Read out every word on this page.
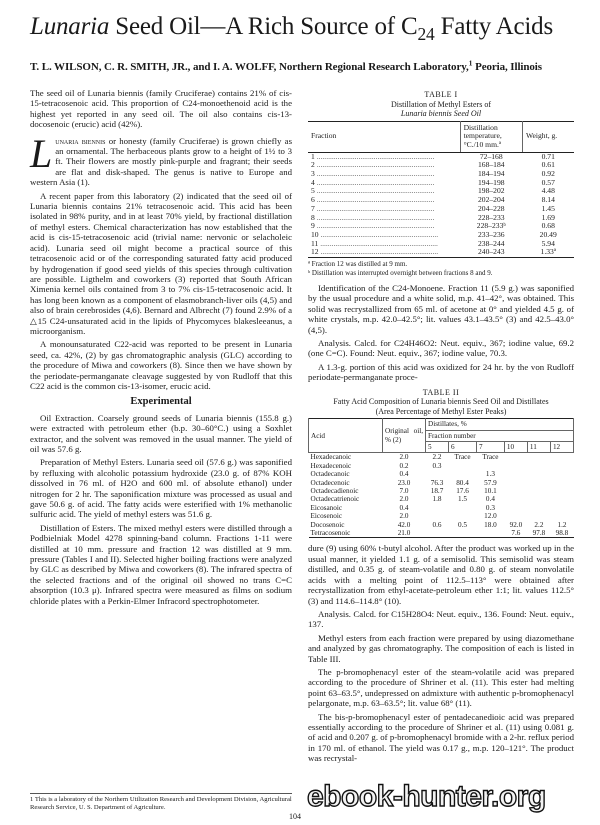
Lunaria Seed Oil—A Rich Source of $C_{24}$ Fatty Acids
T. L. WILSON, C. R. SMITH, JR., and I. A. WOLFF, Northern Regional Research Laboratory,$^1$ Peoria, Illinois

The seed oil of Lunaria biennis (family Cruciferae) contains 21% of cis-15-tetracosenoic acid. This proportion of C24-monoethenoid acid is the highest yet reported in any seed oil. The oil also contains cis-13-docosenoic (erucic) acid (42%).

Lunaria biennis or honesty (family Cruciferae) is grown chiefly as an ornamental. The herbaceous plants grow to a height of 1½ to 3 ft. Their flowers are mostly pink-purple and fragrant; their seeds are flat and disk-shaped. The genus is native to Europe and western Asia (1).

A recent paper from this laboratory (2) indicated that the seed oil of Lunaria biennis contains 21% tetracosenoic acid. This acid has been isolated in 98% purity, and in at least 70% yield, by fractional distillation of methyl esters. Chemical characterization has now established that the acid is cis-15-tetracosenoic acid (trivial name: nervonic or selacholeic acid). Lunaria seed oil might become a practical source of this tetracosenoic acid or of the corresponding saturated fatty acid produced by hydrogenation if good seed yields of this species through cultivation are possible. Ligthelm and coworkers (3) reported that South African Ximenia kernel oils contained from 3 to 7% cis-15-tetracosenoic acid. It has long been known as a component of elasmobranch-liver oils (4,5) and also of brain cerebrosides (4,6). Bernard and Albrecht (7) found 2.9% of a △15 C24-unsaturated acid in the lipids of Phycomyces blakesleeanus, a microorganism.

A monounsaturated C22-acid was reported to be present in Lunaria seed, ca. 42%, (2) by gas chromatographic analysis (GLC) according to the procedure of Miwa and coworkers (8). Since then we have shown by the periodate-permanganate cleavage suggested by von Rudloff that this C22 acid is the common cis-13-isomer, erucic acid.

Experimental

Oil Extraction. Coarsely ground seeds of Lunaria biennis (155.8 g.) were extracted with petroleum ether (b.p. 30–60°C.) using a Soxhlet extractor, and the solvent was removed in the usual manner. The yield of oil was 57.6 g.

Preparation of Methyl Esters. Lunaria seed oil (57.6 g.) was saponified by refluxing with alcoholic potassium hydroxide (23.0 g. of 87% KOH dissolved in 76 ml. of H2O and 600 ml. of absolute ethanol) under nitrogen for 2 hr. The saponification mixture was processed as usual and gave 50.6 g. of acid. The fatty acids were esterified with 1% methanolic sulfuric acid. The yield of methyl esters was 51.6 g.

Distillation of Esters. The mixed methyl esters were distilled through a Podbielniak Model 4278 spinning-band column. Fractions 1-11 were distilled at 10 mm. pressure and fraction 12 was distilled at 9 mm. pressure (Tables I and II). Selected higher boiling fractions were analyzed by GLC as described by Miwa and coworkers (8). The infrared spectra of the selected fractions and of the original oil showed no trans C=C absorption (10.3 μ). Infrared spectra were measured as films on sodium chloride plates with a Perkin-Elmer Infracord spectrophotometer.

TABLE I
Distillation of Methyl Esters of
Lunaria biennis Seed Oil
Fraction	Distillation temperature, °C./10 mm.ª	Weight, g.
1 .....	72–168	0.71
2 .....	168–184	0.61
3 .....	184–194	0.92
4 .....	194–198	0.57
5 .....	198–202	4.48
6 .....	202–204	8.14
7 .....	204–228	1.45
8 .....	228–233	1.69
9 .....	228–233ᵇ	0.68
10 .....	233–236	20.49
11 .....	238–244	5.94
12 .....	240–243	1.33ª
ª Fraction 12 was distilled at 9 mm.
ᵇ Distillation was interrupted overnight between fractions 8 and 9.

Identification of the C24-Monoene. Fraction 11 (5.9 g.) was saponified by the usual procedure and a white solid, m.p. 41–42°, was obtained. This solid was recrystallized from 65 ml. of acetone at 0° and yielded 4.5 g. of white crystals, m.p. 42.0–42.5°; lit. values 43.1–43.5° (3) and 42.5–43.0° (4,5).

Analysis. Calcd. for C24H46O2: Neut. equiv., 367; iodine value, 69.2 (one C=C). Found: Neut. equiv., 367; iodine value, 70.3.

A 1.3-g. portion of this acid was oxidized for 24 hr. by the von Rudloff periodate-permanganate proce-

TABLE II
Fatty Acid Composition of Lunaria biennis Seed Oil and Distillates
(Area Percentage of Methyl Ester Peaks)
Acid	Original oil, % (2)	Distillates, %					
		Fraction number					
		5	6	7	10	11	12
Hexadecanoic	2.0	2.2	Trace	Trace			
Hexadecenoic	0.2	0.3					
Octadecanoic	0.4			1.3			
Octadecenoic	23.0	76.3	80.4	57.9			
Octadecadienoic	7.0	18.7	17.6	10.1			
Octadecatrienoic	2.0	1.8	1.5	0.4			
Eicosanoic	0.4			0.3			
Eicosenoic	2.0			12.0			
Docosenoic	42.0	0.6	0.5	18.0	92.0	2.2	1.2
Tetracosenoic	21.0				7.6	97.8	98.8

dure (9) using 60% t-butyl alcohol. After the product was worked up in the usual manner, it yielded 1.1 g. of a semisolid. This semisolid was steam distilled, and 0.35 g. of steam-volatile and 0.80 g. of steam nonvolatile acids with a melting point of 112.5–113° were obtained after recrystallization from ethyl-acetate-petroleum ether 1:1; lit. values 112.5° (3) and 114.6–114.8° (10).

Analysis. Calcd. for C15H28O4: Neut. equiv., 136. Found: Neut. equiv., 137.

Methyl esters from each fraction were prepared by using diazomethane and analyzed by gas chromatography. The composition of each is listed in Table III.

The p-bromophenacyl ester of the steam-volatile acid was prepared according to the procedure of Shriner et al. (11). This ester had melting point 63–63.5°, undepressed on admixture with authentic p-bromophenacyl pelargonate, m.p. 63–63.5°; lit. value 68° (11).

The bis-p-bromophenacyl ester of pentadecanedioic acid was prepared essentially according to the procedure of Shriner et al. (11) using 0.081 g. of acid and 0.207 g. of p-bromophenacyl bromide with a 2-hr. reflux period in 170 ml. of ethanol. The yield was 0.17 g., m.p. 120–121°. The product was recrystal-

1 This is a laboratory of the Northern Utilization Research and Development Division, Agricultural Research Service, U. S. Department of Agriculture.
104
ebook-hunter.org
